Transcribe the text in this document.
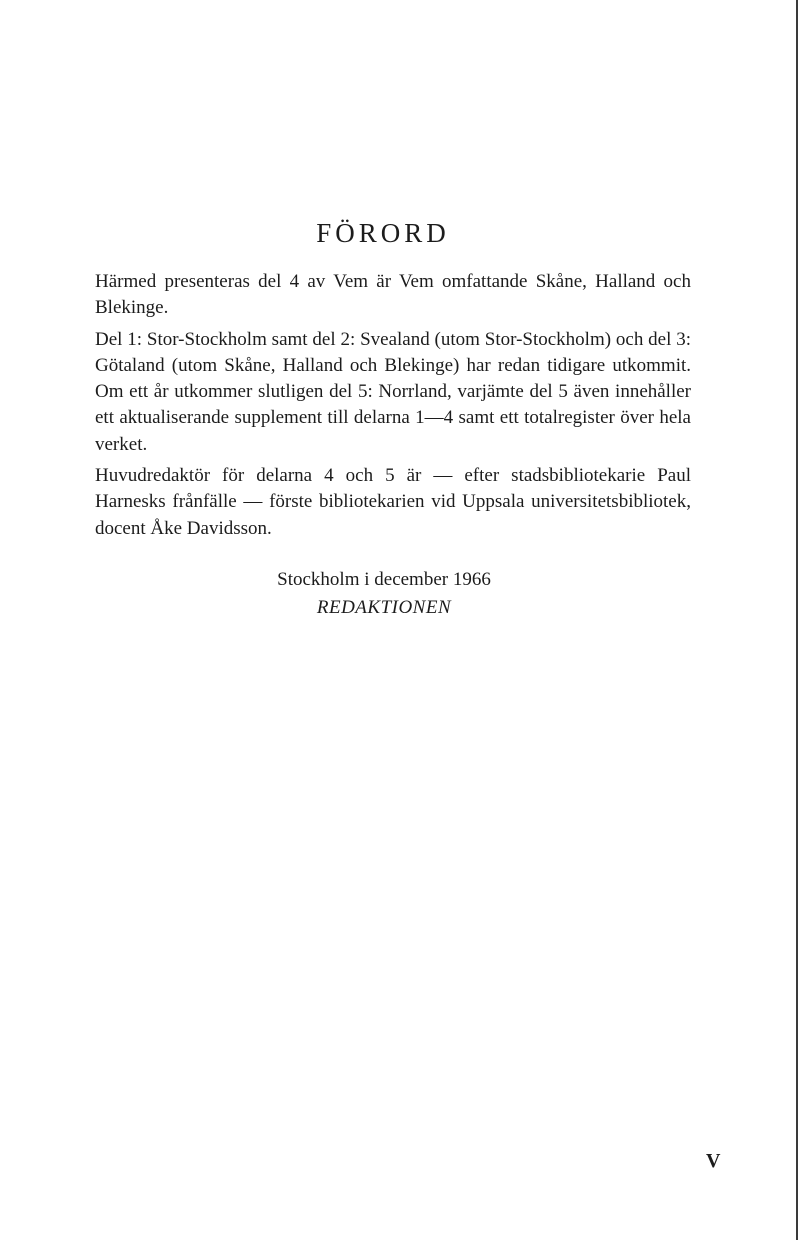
FÖRORD

Härmed presenteras del 4 av Vem är Vem omfattande Skåne, Halland och Blekinge.

Del 1: Stor-Stockholm samt del 2: Svealand (utom Stor-Stockholm) och del 3: Götaland (utom Skåne, Halland och Blekinge) har redan tidigare utkommit. Om ett år utkommer slutligen del 5: Norrland, varjämte del 5 även innehåller ett aktualiserande supplement till delarna 1—4 samt ett totalregister över hela verket.

Huvudredaktör för delarna 4 och 5 är — efter stadsbibliotekarie Paul Harnesks frånfälle — förste bibliotekarien vid Uppsala universitetsbibliotek, docent Åke Davidsson.

Stockholm i december 1966
REDAKTIONEN
V
